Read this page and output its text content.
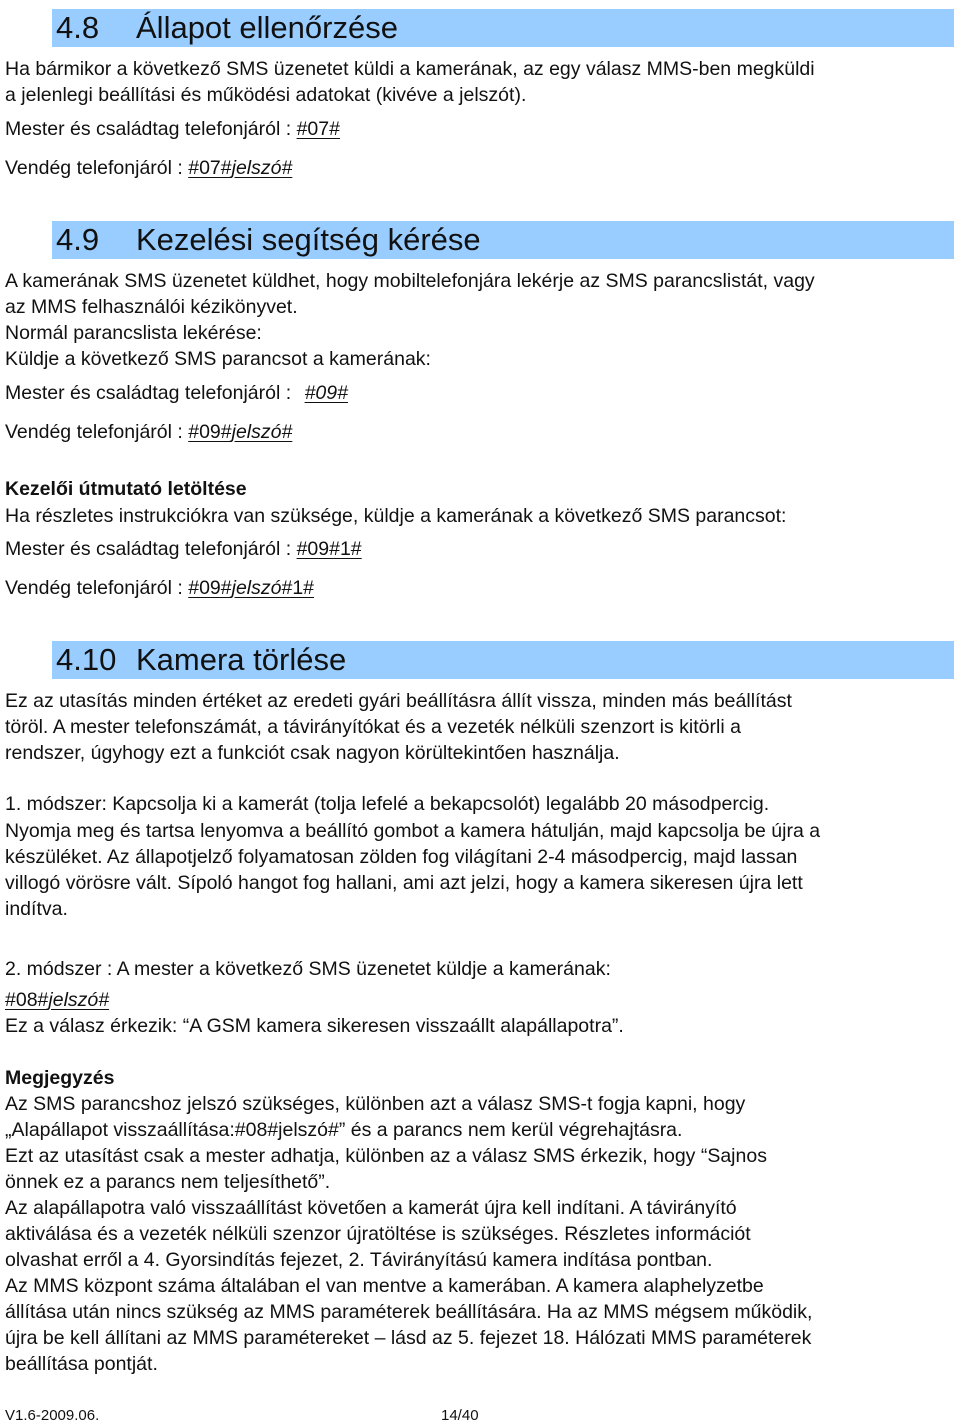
4.8 Állapot ellenőrzése
Ha bármikor a következő SMS üzenetet küldi a kamerának, az egy válasz MMS-ben megküldi
a jelenlegi beállítási és működési adatokat (kivéve a jelszót).
Mester és családtag telefonjáról : #07#
Vendég telefonjáról : #07#jelszó#
4.9 Kezelési segítség kérése
A kamerának SMS üzenetet küldhet, hogy mobiltelefonjára lekérje az SMS parancslistát, vagy
az MMS felhasználói kézikönyvet.
Normál parancslista lekérése:
Küldje a következő SMS parancsot a kamerának:
Mester és családtag telefonjáról : #09#
Vendég telefonjáról : #09#jelszó#
Kezelői útmutató letöltése
Ha részletes instrukciókra van szüksége, küldje a kamerának a következő SMS parancsot:
Mester és családtag telefonjáról : #09#1#
Vendég telefonjáról : #09#jelszó#1#
4.10 Kamera törlése
Ez az utasítás minden értéket az eredeti gyári beállításra állít vissza, minden más beállítást
töröl. A mester telefonszámát, a távirányítókat és a vezeték nélküli szenzort is kitörli a
rendszer, úgyhogy ezt a funkciót csak nagyon körültekintően használja.
1. módszer: Kapcsolja ki a kamerát (tolja lefelé a bekapcsolót) legalább 20 másodpercig.
Nyomja meg és tartsa lenyomva a beállító gombot a kamera hátulján, majd kapcsolja be újra a
készüléket. Az állapotjelző folyamatosan zölden fog világítani 2-4 másodpercig, majd lassan
villogó vörösre vált. Sípoló hangot fog hallani, ami azt jelzi, hogy a kamera sikeresen újra lett
indítva.
2. módszer : A mester a következő SMS üzenetet küldje a kamerának:
#08#jelszó#
Ez a válasz érkezik: “A GSM kamera sikeresen visszaállt alapállapotra”.
Megjegyzés
Az SMS parancshoz jelszó szükséges, különben azt a válasz SMS-t fogja kapni, hogy
„Alapállapot visszaállítása:#08#jelszó#” és a parancs nem kerül végrehajtásra.
Ezt az utasítást csak a mester adhatja, különben az a válasz SMS érkezik, hogy “Sajnos
önnek ez a parancs nem teljesíthető”.
Az alapállapotra való visszaállítást követően a kamerát újra kell indítani. A távirányító
aktiválása és a vezeték nélküli szenzor újratöltése is szükséges. Részletes információt
olvashat erről a 4. Gyorsindítás fejezet, 2. Távirányítású kamera indítása pontban.
Az MMS központ száma általában el van mentve a kamerában. A kamera alaphelyzetbe
állítása után nincs szükség az MMS paraméterek beállítására. Ha az MMS mégsem működik,
újra be kell állítani az MMS paramétereket – lásd az 5. fejezet 18. Hálózati MMS paraméterek
beállítása pontját.
V1.6-2009.06.	14/40
